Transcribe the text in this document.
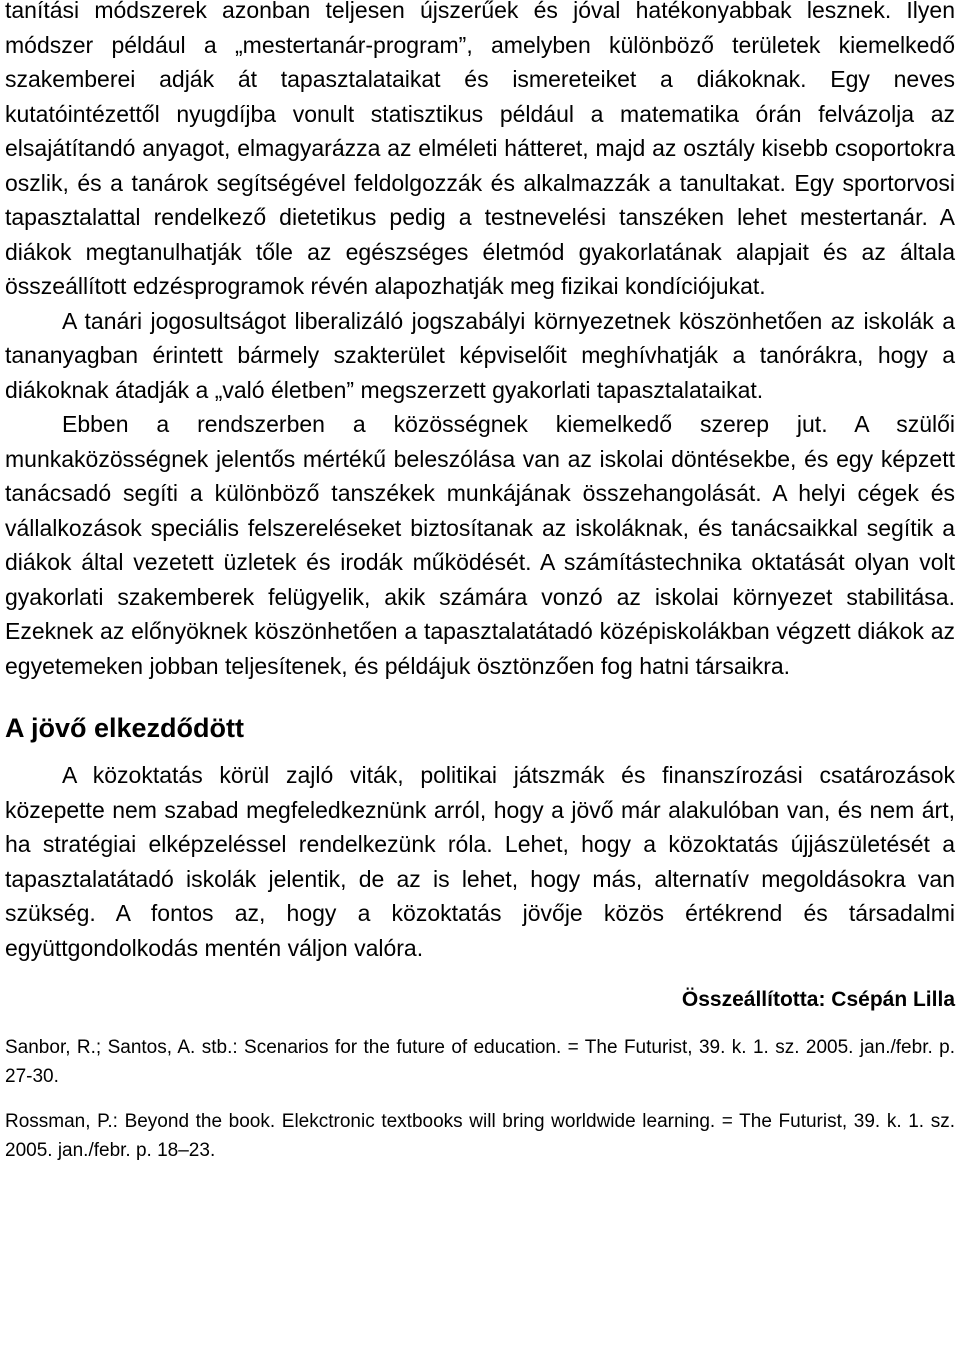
tanítási módszerek azonban teljesen újszerűek és jóval hatékonyabbak lesznek. Ilyen módszer például a „mestertanár-program”, amelyben különböző területek kiemelkedő szakemberei adják át tapasztalataikat és ismereteiket a diákoknak. Egy neves kutatóintézettől nyugdíjba vonult statisztikus például a matematika órán felvázolja az elsajátítandó anyagot, elmagyarázza az elméleti hátteret, majd az osztály kisebb csoportokra oszlik, és a tanárok segítségével feldolgozzák és alkalmazzák a tanultakat. Egy sportorvosi tapasztalattal rendelkező dietetikus pedig a testnevelési tanszéken lehet mestertanár. A diákok megtanulhatják tőle az egészséges életmód gyakorlatának alapjait és az általa összeállított edzésprogramok révén alapozhatják meg fizikai kondíciójukat.

A tanári jogosultságot liberalizáló jogszabályi környezetnek köszönhetően az iskolák a tananyagban érintett bármely szakterület képviselőit meghívhatják a tanórákra, hogy a diákoknak átadják a „való életben” megszerzett gyakorlati tapasztalataikat.

Ebben a rendszerben a közösségnek kiemelkedő szerep jut. A szülői munkaközösségnek jelentős mértékű beleszólása van az iskolai döntésekbe, és egy képzett tanácsadó segíti a különböző tanszékek munkájának összehangolását. A helyi cégek és vállalkozások speciális felszereléseket biztosítanak az iskoláknak, és tanácsaikkal segítik a diákok által vezetett üzletek és irodák működését. A számítástechnika oktatását olyan volt gyakorlati szakemberek felügyelik, akik számára vonzó az iskolai környezet stabilitása. Ezeknek az előnyöknek köszönhetően a tapasztalatátadó középiskolákban végzett diákok az egyetemeken jobban teljesítenek, és példájuk ösztönzően fog hatni társaikra.

A jövő elkezdődött

A közoktatás körül zajló viták, politikai játszmák és finanszírozási csatározások közepette nem szabad megfeledkeznünk arról, hogy a jövő már alakulóban van, és nem árt, ha stratégiai elképzeléssel rendelkezünk róla. Lehet, hogy a közoktatás újjászületését a tapasztalatátadó iskolák jelentik, de az is lehet, hogy más, alternatív megoldásokra van szükség. A fontos az, hogy a közoktatás jövője közös értékrend és társadalmi együttgondolkodás mentén váljon valóra.

Összeállította: Csépán Lilla

Sanbor, R.; Santos, A. stb.: Scenarios for the future of education. = The Futurist, 39. k. 1. sz. 2005. jan./febr. p. 27-30.

Rossman, P.: Beyond the book. Elekctronic textbooks will bring worldwide learning. = The Futurist, 39. k. 1. sz. 2005. jan./febr. p. 18–23.
